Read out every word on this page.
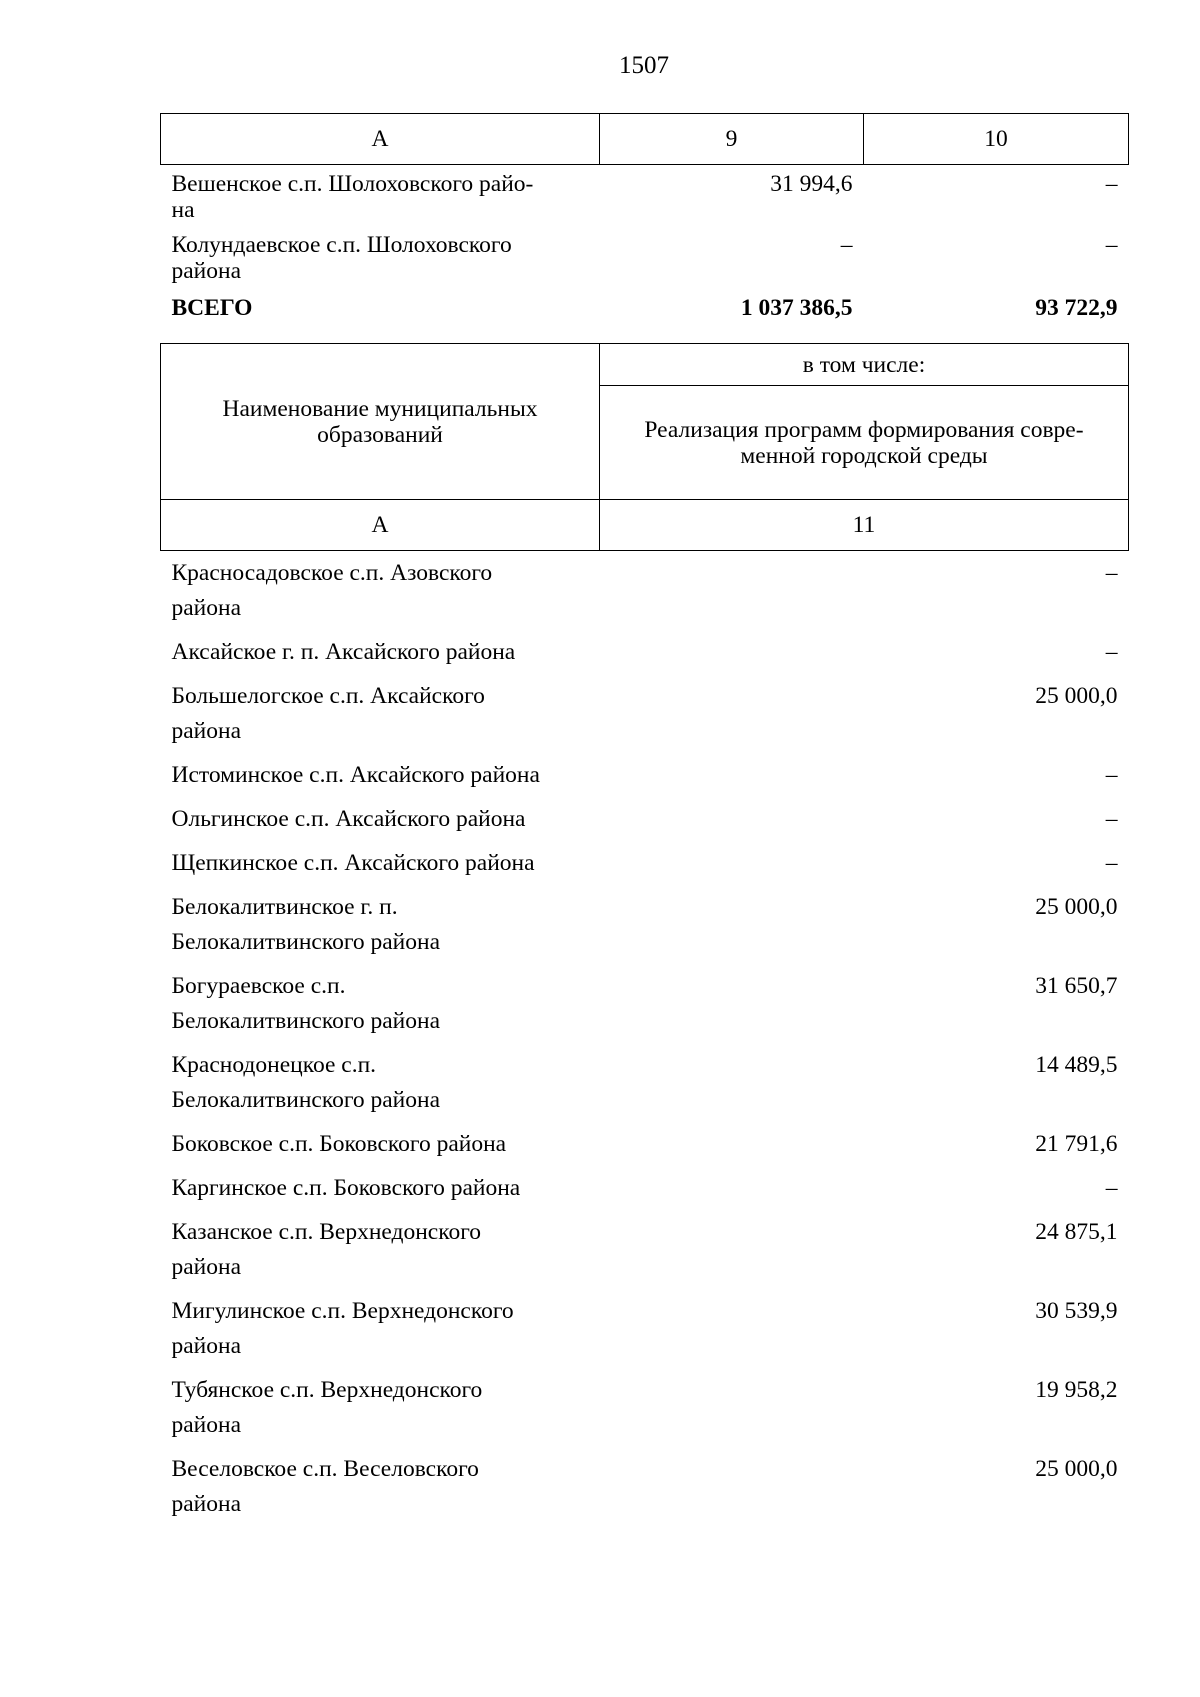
1507
А	9	10
Вешенское с.п. Шолоховского райо-
на	31 994,6	–
Колундаевское с.п. Шолоховского
района	–	–
ВСЕГО	1 037 386,5	93 722,9
Наименование муниципальных образований	в том числе:
	Реализация программ формирования совре-
менной городской среды
А	11
Красносадовское с.п. Азовского
района	–
Аксайское г. п. Аксайского района	–
Большелогское с.п. Аксайского
района	25 000,0
Истоминское с.п. Аксайского района	–
Ольгинское с.п. Аксайского района	–
Щепкинское с.п. Аксайского района	–
Белокалитвинское г. п.
Белокалитвинского района	25 000,0
Богураевское с.п.
Белокалитвинского района	31 650,7
Краснодонецкое с.п.
Белокалитвинского района	14 489,5
Боковское с.п. Боковского района	21 791,6
Каргинское с.п. Боковского района	–
Казанское с.п. Верхнедонского
района	24 875,1
Мигулинское с.п. Верхнедонского
района	30 539,9
Тубянское с.п. Верхнедонского
района	19 958,2
Веселовское с.п. Веселовского
района	25 000,0
